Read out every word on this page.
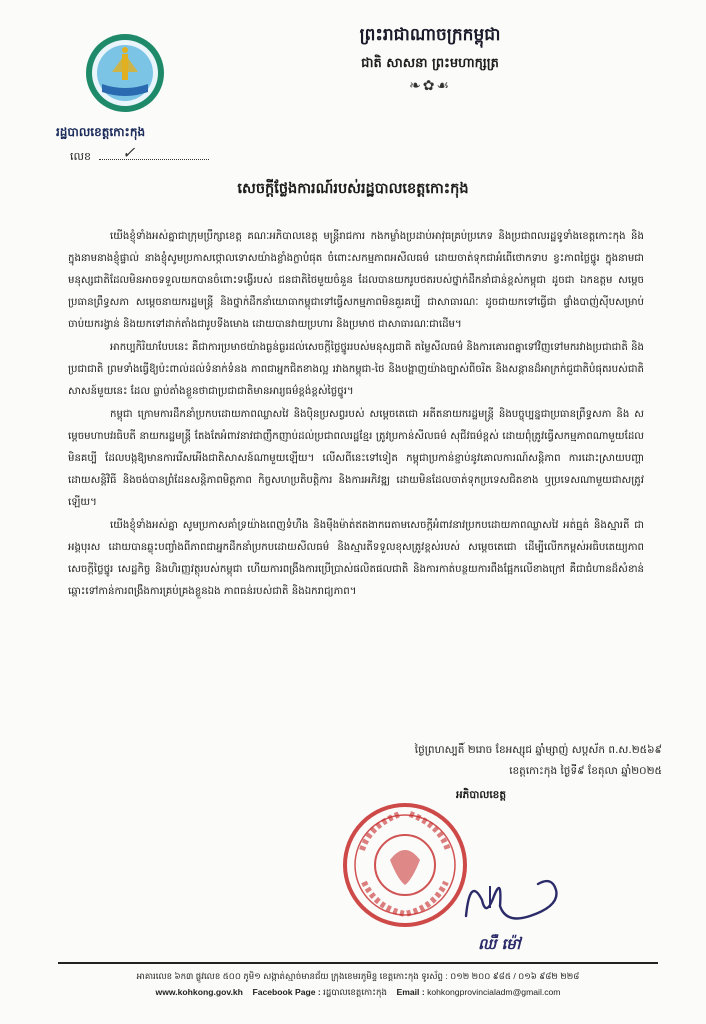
រដ្ឋបាលខេត្តកោះកុង
លេខ ✓
ព្រះរាជាណាចក្រកម្ពុជា
ជាតិ សាសនា ព្រះមហាក្សត្រ
❧✿☙
សេចក្តីថ្លែងការណ៍របស់រដ្ឋបាលខេត្តកោះកុង

យើងខ្ញុំទាំងអស់គ្នាជាក្រុមប្រឹក្សាខេត្ត គណៈអភិបាលខេត្ត មន្ត្រីរាជការ កងកម្លាំងប្រដាប់អាវុធគ្រប់ប្រភេទ និងប្រជាពលរដ្ឋទូទាំងខេត្តកោះកុង និងក្នុងនាមនាងខ្ញុំផ្ទាល់ នាងខ្ញុំសូមប្រកាសថ្កោលទោសយ៉ាងខ្លាំងក្លាបំផុត ចំពោះសកម្មភាពអសីលធម៌ ដោយចាត់ទុកជាអំពើថោកទាប ខ្វះភាពថ្លៃថ្នូរ ក្នុងនាមជាមនុស្សជាតិដែលមិនអាចទទួលយកបានចំពោះទង្វើរបស់ ជនជាតិថៃមួយចំនួន ដែលបានយករូបថតរបស់ថ្នាក់ដឹកនាំជាន់ខ្ពស់កម្ពុជា ដូចជា ឯកឧត្តម សម្តេចប្រធានព្រឹទ្ធសភា សម្តេចនាយករដ្ឋមន្ត្រី និងថ្នាក់ដឹកនាំយោធាកម្ពុជាទៅធ្វើសកម្មភាពមិនគួរគប្បី ជាសាធារណៈ ដូចជាយកទៅធ្វើជា ផ្ទាំងបាញ់ស៊ីបសម្រាប់ចាប់យករង្វាន់ និងយកទៅដាក់តាំងជារូបទីងមោង ដោយបានវាយប្រហារ និងប្រមាថ ជាសាធារណៈជាដើម។

អាកប្បកិរិយាបែបនេះ គឺជាការប្រមាថយ៉ាងធ្ងន់ធ្ងរដល់សេចក្តីថ្លៃថ្នូររបស់មនុស្សជាតិ តម្លៃសីលធម៌ និងការគោរពគ្នាទៅវិញទៅមករវាងប្រជាជាតិ និងប្រជាជាតិ ព្រមទាំងធ្វើឱ្យប៉ះពាល់ដល់ទំនាក់ទំនង ភាពជាអ្នកជិតខាងល្អ រវាងកម្ពុជា-ថៃ និងបង្ហាញយ៉ាងច្បាស់ពីចរិត និងសន្តានដ៏អាក្រក់ជួជាតិបំផុតរបស់ជាតិសាសន៍មួយនេះ ដែល ធ្លាប់តាំងខ្លួនថាជាប្រជាជាតិមានអារ្យធម៌ខ្ពង់ខ្ពស់ថ្លៃថ្នូរ។

កម្ពុជា ក្រោមការដឹកនាំប្រកបដោយភាពឈ្លាសវៃ និងប៉ិនប្រសព្វរបស់ សម្តេចតេជោ អតីតនាយករដ្ឋមន្ត្រី និងបច្ចុប្បន្នជាប្រធានព្រឹទ្ធសភា និង សម្តេចមហាបវរធិបតី នាយករដ្ឋមន្ត្រី តែងតែអំពាវនាវជាញឹកញាប់ដល់ប្រជាពលរដ្ឋខ្មែរ ត្រូវប្រកាន់សីលធម៌ សុជីវធម៌ខ្ពស់ ដោយពុំត្រូវធ្វើសកម្មភាពណាមួយដែលមិនគប្បី ដែលបង្កឱ្យមានការរើសអើងជាតិសាសន៍ណាមួយឡើយ។ លើសពីនេះទៅទៀត កម្ពុជាប្រកាន់ខ្ជាប់នូវគោលការណ៍សន្តិភាព ការដោះស្រាយបញ្ហាដោយសន្តិវិធី និងចង់បានព្រំដែនសន្តិភាពមិត្តភាព កិច្ចសហប្រតិបត្តិការ និងការអភិវឌ្ឍ ដោយមិនដែលចាត់ទុកប្រទេសជិតខាង ឬប្រទេសណាមួយជាសត្រូវឡើយ។

យើងខ្ញុំទាំងអស់គ្នា សូមប្រកាសគាំទ្រយ៉ាងពេញទំហឹង និងម៉ឺងម៉ាត់ឥតងាករេតាមសេចក្តីអំពាវនាវប្រកបដោយភាពឈ្លាសវៃ អត់ធ្មត់ និងស្មារតី ជាអង្គបុរស ដោយបានឆ្លុះបញ្ចាំងពីភាពជាអ្នកដឹកនាំប្រកបដោយសីលធម៌ និងស្មារតីទទួលខុសត្រូវខ្ពស់របស់ សម្តេចតេជោ ដើម្បីលើកកម្ពស់អធិបតេយ្យភាព សេចក្តីថ្លៃថ្នូរ សេដ្ឋកិច្ច និងហិរញ្ញវត្ថុរបស់កម្ពុជា ហើយការពង្រឹងការប្រើប្រាស់ផលិតផលជាតិ និងការកាត់បន្ថយការពឹងផ្អែកលើខាងក្រៅ គឺជាជំហានដ៏សំខាន់ឆ្ពោះទៅកាន់ការពង្រឹងការគ្រប់គ្រងខ្លួនឯង ភាពធន់របស់ជាតិ និងឯករាជ្យភាព។

ថ្ងៃព្រហស្បតិ៍ ២រោច ខែអស្សុជ ឆ្នាំម្សាញ់ សប្តស័ក ព.ស.២៥៦៩
ខេត្តកោះកុង ថ្ងៃទី៩ ខែតុលា ឆ្នាំ២០២៥
អភិបាលខេត្ត
ឈឺ ម៉ៅ
អាគារលេខ ៦ក៣ ផ្លូវលេខ ៥០០ ភូមិ១ សង្កាត់ស្មាច់មានជ័យ ក្រុងខេមរភូមិន្ទ ខេត្តកោះកុង ទូរស័ព្ទ : ០១២ ២០០ ៩៨៥ / ០១៦ ៩៨២ ២២៨
www.kohkong.gov.kh Facebook Page : រដ្ឋបាលខេត្តកោះកុង Email : kohkongprovincialadm@gmail.com
